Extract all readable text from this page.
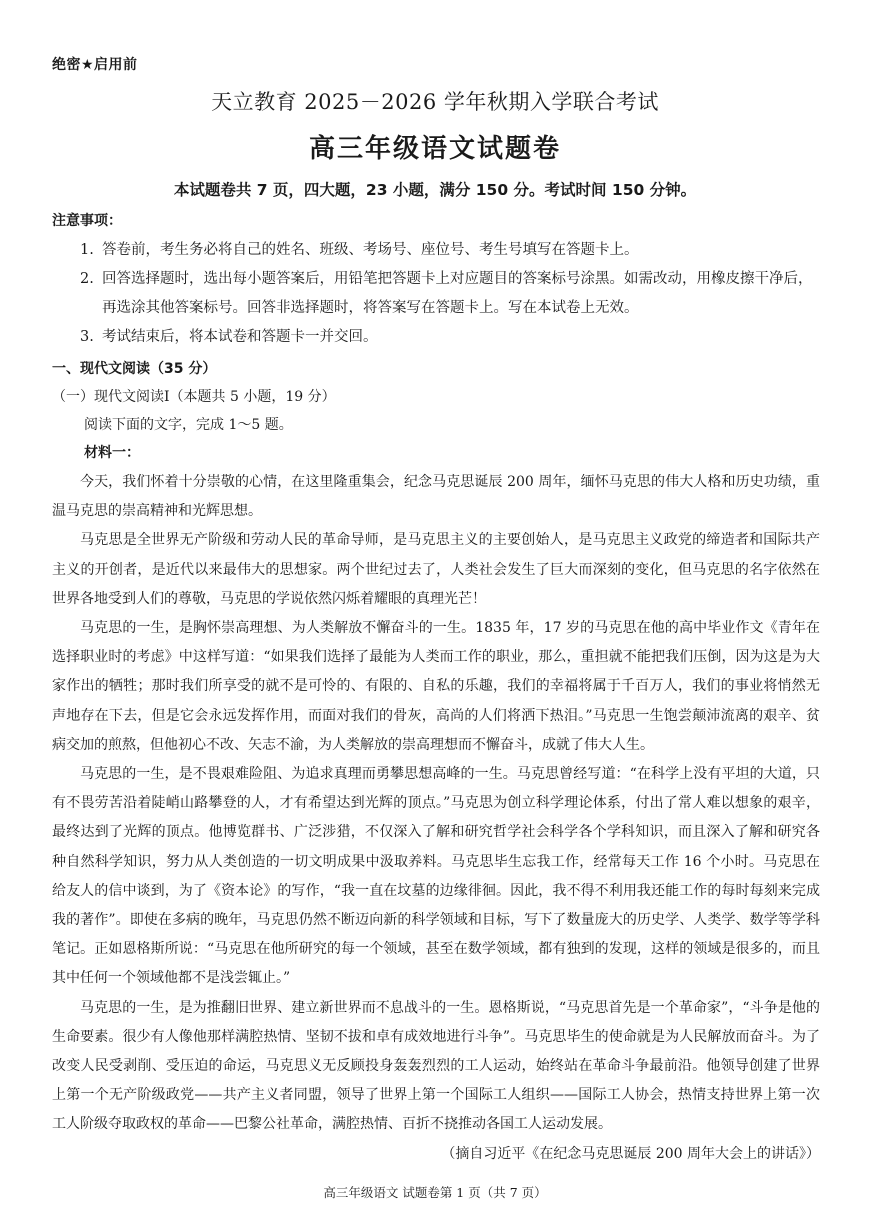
绝密★启用前
天立教育 2025－2026 学年秋期入学联合考试
高三年级语文试题卷
本试题卷共 7 页，四大题，23 小题，满分 150 分。考试时间 150 分钟。
注意事项：
1. 答卷前，考生务必将自己的姓名、班级、考场号、座位号、考生号填写在答题卡上。
2. 回答选择题时，选出每小题答案后，用铅笔把答题卡上对应题目的答案标号涂黑。如需改动，用橡皮擦干净后，再选涂其他答案标号。回答非选择题时，将答案写在答题卡上。写在本试卷上无效。
3. 考试结束后，将本试卷和答题卡一并交回。
一、现代文阅读（35 分）
（一）现代文阅读Ⅰ（本题共 5 小题，19 分）
阅读下面的文字，完成 1～5 题。
材料一：

今天，我们怀着十分崇敬的心情，在这里隆重集会，纪念马克思诞辰 200 周年，缅怀马克思的伟大人格和历史功绩，重温马克思的崇高精神和光辉思想。

马克思是全世界无产阶级和劳动人民的革命导师，是马克思主义的主要创始人，是马克思主义政党的缔造者和国际共产主义的开创者，是近代以来最伟大的思想家。两个世纪过去了，人类社会发生了巨大而深刻的变化，但马克思的名字依然在世界各地受到人们的尊敬，马克思的学说依然闪烁着耀眼的真理光芒！

马克思的一生，是胸怀崇高理想、为人类解放不懈奋斗的一生。1835 年，17 岁的马克思在他的高中毕业作文《青年在选择职业时的考虑》中这样写道：“如果我们选择了最能为人类而工作的职业，那么，重担就不能把我们压倒，因为这是为大家作出的牺牲；那时我们所享受的就不是可怜的、有限的、自私的乐趣，我们的幸福将属于千百万人，我们的事业将悄然无声地存在下去，但是它会永远发挥作用，而面对我们的骨灰，高尚的人们将洒下热泪。”马克思一生饱尝颠沛流离的艰辛、贫病交加的煎熬，但他初心不改、矢志不渝，为人类解放的崇高理想而不懈奋斗，成就了伟大人生。

马克思的一生，是不畏艰难险阻、为追求真理而勇攀思想高峰的一生。马克思曾经写道：“在科学上没有平坦的大道，只有不畏劳苦沿着陡峭山路攀登的人，才有希望达到光辉的顶点。”马克思为创立科学理论体系，付出了常人难以想象的艰辛，最终达到了光辉的顶点。他博览群书、广泛涉猎，不仅深入了解和研究哲学社会科学各个学科知识，而且深入了解和研究各种自然科学知识，努力从人类创造的一切文明成果中汲取养料。马克思毕生忘我工作，经常每天工作 16 个小时。马克思在给友人的信中谈到，为了《资本论》的写作，“我一直在坟墓的边缘徘徊。因此，我不得不利用我还能工作的每时每刻来完成我的著作”。即使在多病的晚年，马克思仍然不断迈向新的科学领域和目标，写下了数量庞大的历史学、人类学、数学等学科笔记。正如恩格斯所说：“马克思在他所研究的每一个领域，甚至在数学领域，都有独到的发现，这样的领域是很多的，而且其中任何一个领域他都不是浅尝辄止。”

马克思的一生，是为推翻旧世界、建立新世界而不息战斗的一生。恩格斯说，“马克思首先是一个革命家”，“斗争是他的生命要素。很少有人像他那样满腔热情、坚韧不拔和卓有成效地进行斗争”。马克思毕生的使命就是为人民解放而奋斗。为了改变人民受剥削、受压迫的命运，马克思义无反顾投身轰轰烈烈的工人运动，始终站在革命斗争最前沿。他领导创建了世界上第一个无产阶级政党——共产主义者同盟，领导了世界上第一个国际工人组织——国际工人协会，热情支持世界上第一次工人阶级夺取政权的革命——巴黎公社革命，满腔热情、百折不挠推动各国工人运动发展。

（摘自习近平《在纪念马克思诞辰 200 周年大会上的讲话》）

高三年级语文 试题卷第 1 页（共 7 页）
